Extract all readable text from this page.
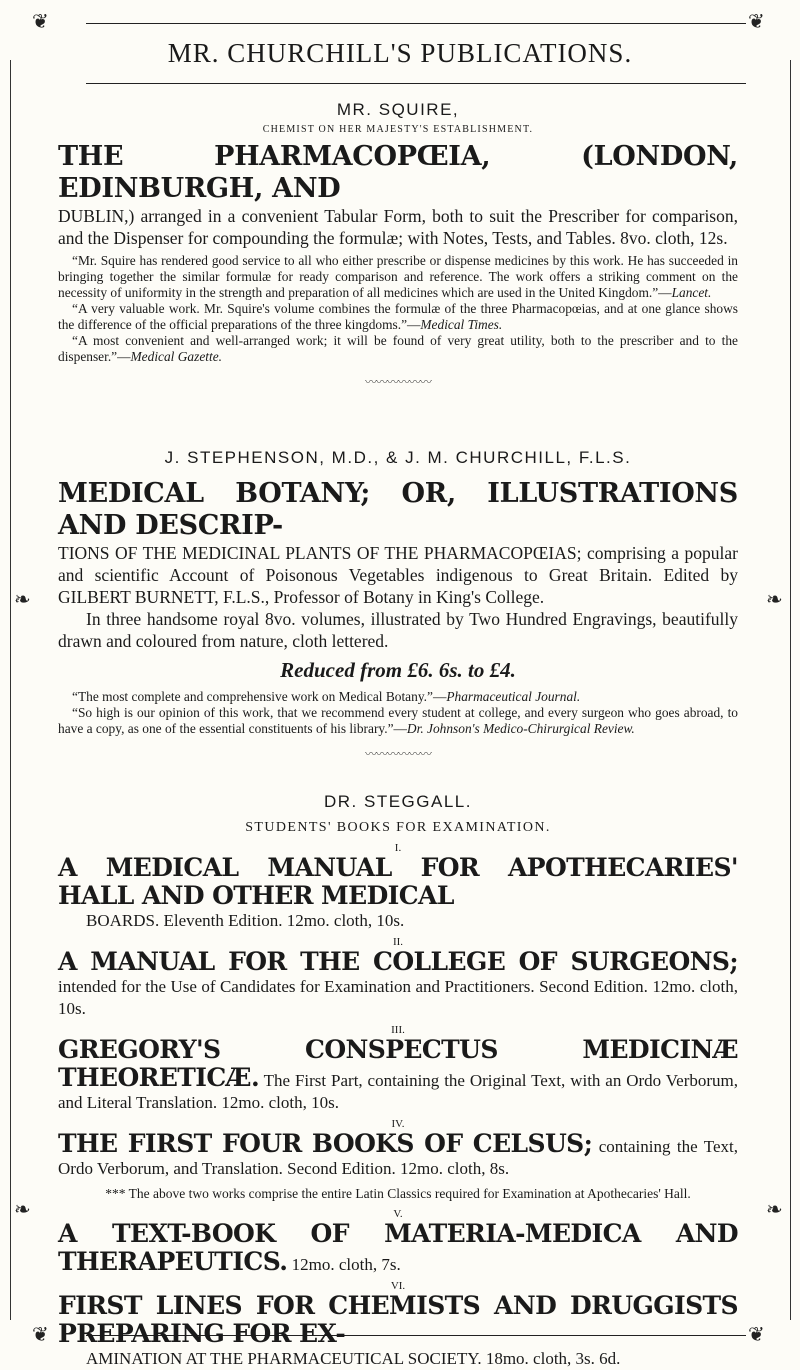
❦	❦
❦	❦
❧	❧
❧	❧
MR. CHURCHILL'S PUBLICATIONS.

MR. SQUIRE,

CHEMIST ON HER MAJESTY'S ESTABLISHMENT.

THE PHARMACOPŒIA, (LONDON, EDINBURGH, AND

DUBLIN,) arranged in a convenient Tabular Form, both to suit the Prescriber for comparison, and the Dispenser for compounding the formulæ; with Notes, Tests, and Tables. 8vo. cloth, 12s.

“Mr. Squire has rendered good service to all who either prescribe or dispense medicines by this work. He has succeeded in bringing together the similar formulæ for ready comparison and reference. The work offers a striking comment on the necessity of uniformity in the strength and preparation of all medicines which are used in the United Kingdom.”—Lancet.

“A very valuable work. Mr. Squire's volume combines the formulæ of the three Pharmacopœias, and at one glance shows the difference of the official preparations of the three kingdoms.”—Medical Times.

“A most convenient and well-arranged work; it will be found of very great utility, both to the prescriber and to the dispenser.”—Medical Gazette.

〰〰〰〰〰〰

J. STEPHENSON, M.D., & J. M. CHURCHILL, F.L.S.

MEDICAL BOTANY; OR, ILLUSTRATIONS AND DESCRIP-

TIONS OF THE MEDICINAL PLANTS OF THE PHARMACOPŒIAS; comprising a popular and scientific Account of Poisonous Vegetables indigenous to Great Britain. Edited by GILBERT BURNETT, F.L.S., Professor of Botany in King's College.

In three handsome royal 8vo. volumes, illustrated by Two Hundred Engravings, beautifully drawn and coloured from nature, cloth lettered.

Reduced from £6. 6s. to £4.

“The most complete and comprehensive work on Medical Botany.”—Pharmaceutical Journal.

“So high is our opinion of this work, that we recommend every student at college, and every surgeon who goes abroad, to have a copy, as one of the essential constituents of his library.”—Dr. Johnson's Medico-Chirurgical Review.

〰〰〰〰〰〰

DR. STEGGALL.

STUDENTS' BOOKS FOR EXAMINATION.

I.

A MEDICAL MANUAL FOR APOTHECARIES' HALL AND OTHER MEDICAL
BOARDS. Eleventh Edition. 12mo. cloth, 10s.

II.

A MANUAL FOR THE COLLEGE OF SURGEONS; intended for the Use of Candidates for Examination and Practitioners. Second Edition. 12mo. cloth, 10s.

III.

GREGORY'S CONSPECTUS MEDICINÆ THEORETICÆ. The First Part, containing the Original Text, with an Ordo Verborum, and Literal Translation. 12mo. cloth, 10s.

IV.

THE FIRST FOUR BOOKS OF CELSUS; containing the Text, Ordo Verborum, and Translation. Second Edition. 12mo. cloth, 8s.

*** The above two works comprise the entire Latin Classics required for Examination at Apothecaries' Hall.

V.

A TEXT-BOOK OF MATERIA-MEDICA AND THERAPEUTICS. 12mo. cloth, 7s.

VI.

FIRST LINES FOR CHEMISTS AND DRUGGISTS PREPARING FOR EX-
AMINATION AT THE PHARMACEUTICAL SOCIETY. 18mo. cloth, 3s. 6d.
